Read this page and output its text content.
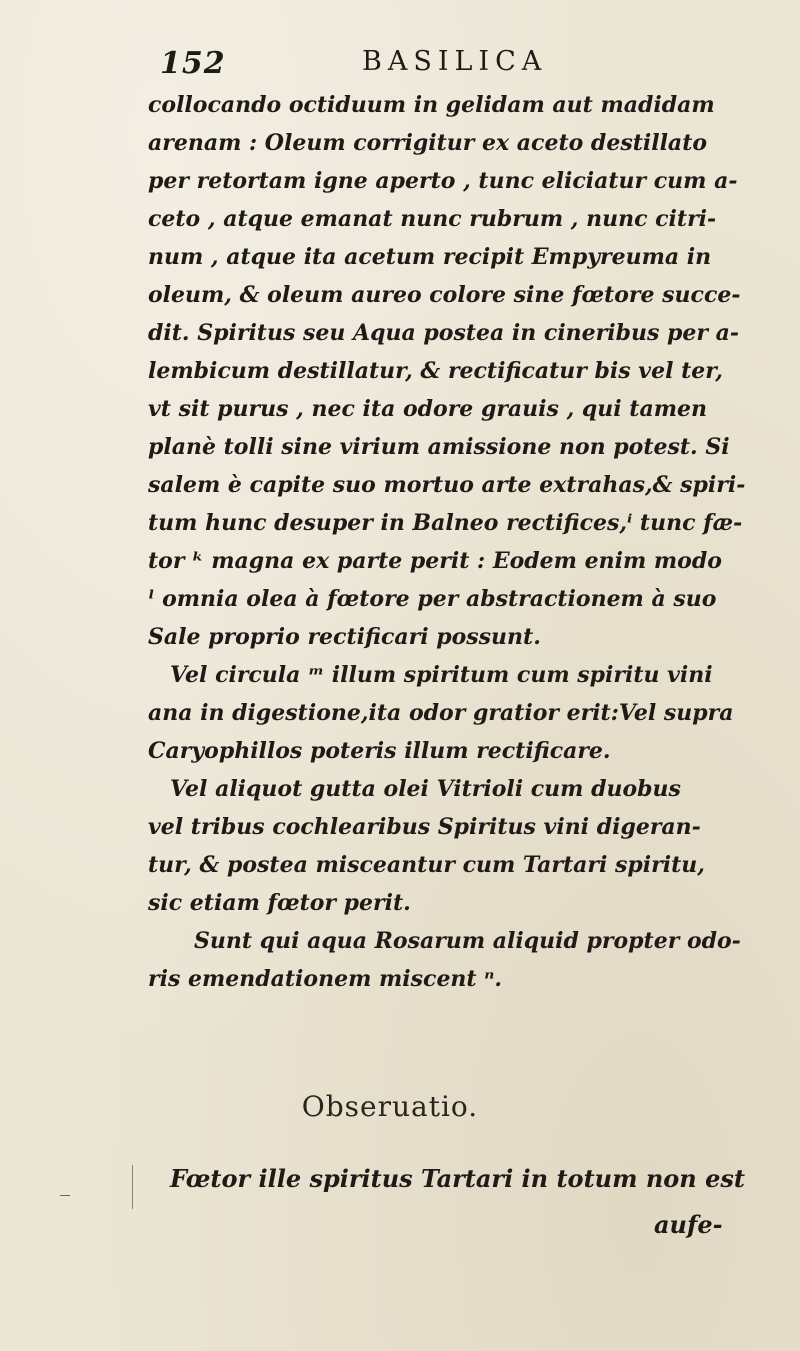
152	BASILICA
collocando octiduum in gelidam aut madidam
arenam : Oleum corrigitur ex aceto destillato
per retortam igne aperto , tunc eliciatur cum a-
ceto , atque emanat nunc rubrum , nunc citri-
num , atque ita acetum recipit Empyreuma in
oleum, & oleum aureo colore sine fœtore succe-
dit. Spiritus seu Aqua postea in cineribus per a-
lembicum destillatur, & rectificatur bis vel ter,
vt sit purus , nec ita odore grauis , qui tamen
planè tolli sine virium amissione non potest. Si
salem è capite suo mortuo arte extrahas,& spiri-
tum hunc desuper in Balneo rectifices,ⁱ tunc fæ-
tor ᵏ magna ex parte perit : Eodem enim modo
ˡ omnia olea à fœtore per abstractionem à suo
Sale proprio rectificari possunt.
Vel circula ᵐ illum spiritum cum spiritu vini
ana in digestione,ita odor gratior erit:Vel supra
Caryophillos poteris illum rectificare.
Vel aliquot gutta olei Vitrioli cum duobus
vel tribus cochlearibus Spiritus vini digeran-
tur, & postea misceantur cum Tartari spiritu,
sic etiam fœtor perit.
Sunt qui aqua Rosarum aliquid propter odo-
ris emendationem miscent ⁿ.
Obseruatio.
Fœtor ille spiritus Tartari in totum non est
aufe-
